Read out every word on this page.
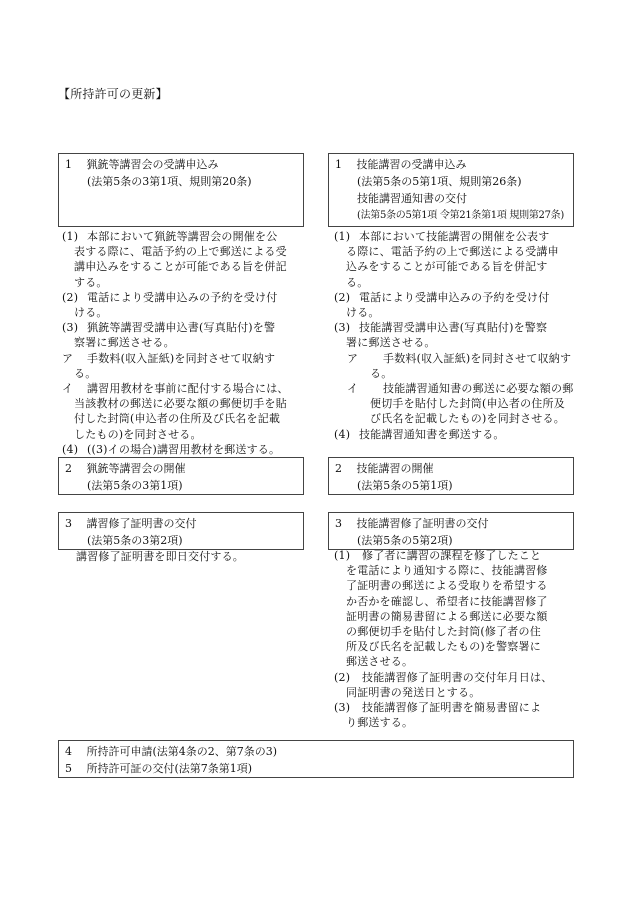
【所持許可の更新】
1　 猟銃等講習会の受講申込み
(法第5条の3第1項、規則第20条)
(1) 本部において猟銃等講習会の開催を公
表する際に、電話予約の上で郵送による受
講申込みをすることが可能である旨を併記
する。
(2) 電話により受講申込みの予約を受け付
ける。
(3) 猟銃等講習受講申込書(写真貼付)を警
察署に郵送させる。
ア	手数料(収入証紙)を同封させて収納す
る。
イ	講習用教材を事前に配付する場合には、
当該教材の郵送に必要な額の郵便切手を貼
付した封筒(申込者の住所及び氏名を記載
したもの)を同封させる。
(4) ((3)イの場合)講習用教材を郵送する。
2　 猟銃等講習会の開催
(法第5条の3第1項)
3　 講習修了証明書の交付
(法第5条の3第2項)
講習修了証明書を即日交付する。
1　 技能講習の受講申込み
(法第5条の5第1項、規則第26条)
技能講習通知書の交付
(法第5条の5第1項 令第21条第1項 規則第27条)
(1) 本部において技能講習の開催を公表す
る際に、電話予約の上で郵送による受講申
込みをすることが可能である旨を併記す
る。
(2) 電話により受講申込みの予約を受け付
ける。
(3) 技能講習受講申込書(写真貼付)を警察
署に郵送させる。
ア	手数料(収入証紙)を同封させて収納す
る。
イ	技能講習通知書の郵送に必要な額の郵
便切手を貼付した封筒(申込者の住所及
び氏名を記載したもの)を同封させる。
(4) 技能講習通知書を郵送する。
2　 技能講習の開催
(法第5条の5第1項)
3　 技能講習修了証明書の交付
(法第5条の5第2項)
(1)	修了者に講習の課程を修了したこと
を電話により通知する際に、技能講習修
了証明書の郵送による受取りを希望する
か否かを確認し、希望者に技能講習修了
証明書の簡易書留による郵送に必要な額
の郵便切手を貼付した封筒(修了者の住
所及び氏名を記載したもの)を警察署に
郵送させる。
(2)	技能講習修了証明書の交付年月日は、
同証明書の発送日とする。
(3)	技能講習修了証明書を簡易書留によ
り郵送する。
4　 所持許可申請(法第4条の2、第7条の3)
5　 所持許可証の交付(法第7条第1項)
